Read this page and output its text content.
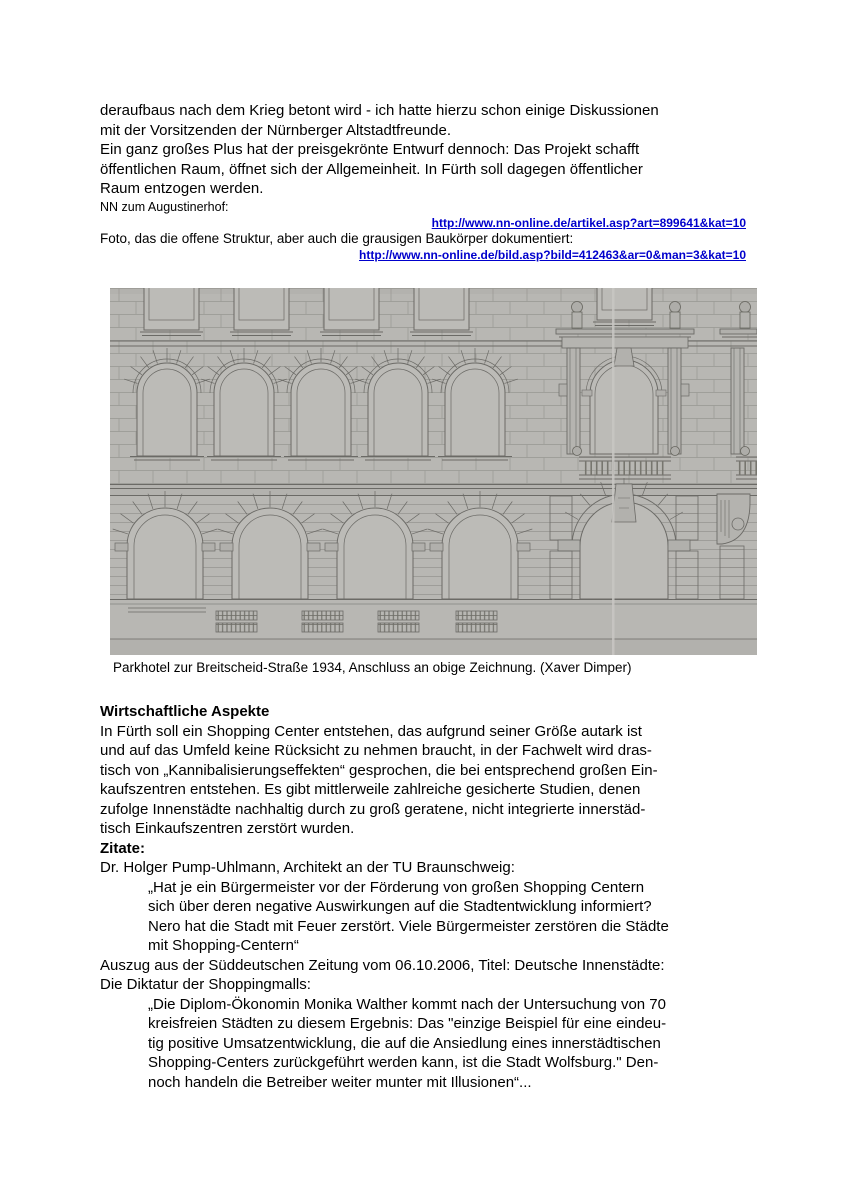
deraufbaus nach dem Krieg betont wird - ich hatte hierzu schon einige Diskussionen
mit der Vorsitzenden der Nürnberger Altstadtfreunde.
Ein ganz großes Plus hat der preisgekrönte Entwurf dennoch: Das Projekt schafft
öffentlichen Raum, öffnet sich der Allgemeinheit. In Fürth soll dagegen öffentlicher
Raum entzogen werden.
NN zum Augustinerhof:
http://www.nn-online.de/artikel.asp?art=899641&kat=10
Foto, das die offene Struktur, aber auch die grausigen Baukörper dokumentiert:
http://www.nn-online.de/bild.asp?bild=412463&ar=0&man=3&kat=10
Parkhotel zur Breitscheid-Straße 1934, Anschluss an obige Zeichnung. (Xaver Dimper)
Wirtschaftliche Aspekte
In Fürth soll ein Shopping Center entstehen, das aufgrund seiner Größe autark ist
und auf das Umfeld keine Rücksicht zu nehmen braucht, in der Fachwelt wird dras-
tisch von „Kannibalisierungseffekten“ gesprochen, die bei entsprechend großen Ein-
kaufszentren entstehen. Es gibt mittlerweile zahlreiche gesicherte Studien, denen
zufolge Innenstädte nachhaltig durch zu groß geratene, nicht integrierte innerstäd-
tisch Einkaufszentren zerstört wurden.
Zitate:
Dr. Holger Pump-Uhlmann, Architekt an der TU Braunschweig:
„Hat je ein Bürgermeister vor der Förderung von großen Shopping Centern
sich über deren negative Auswirkungen auf die Stadtentwicklung informiert?
Nero hat die Stadt mit Feuer zerstört. Viele Bürgermeister zerstören die Städte
mit Shopping-Centern“
Auszug aus der Süddeutschen Zeitung vom 06.10.2006, Titel: Deutsche Innenstädte:
Die Diktatur der Shoppingmalls:
„Die Diplom-Ökonomin Monika Walther kommt nach der Untersuchung von 70
kreisfreien Städten zu diesem Ergebnis: Das "einzige Beispiel für eine eindeu-
tig positive Umsatzentwicklung, die auf die Ansiedlung eines innerstädtischen
Shopping-Centers zurückgeführt werden kann, ist die Stadt Wolfsburg." Den-
noch handeln die Betreiber weiter munter mit Illusionen“...
